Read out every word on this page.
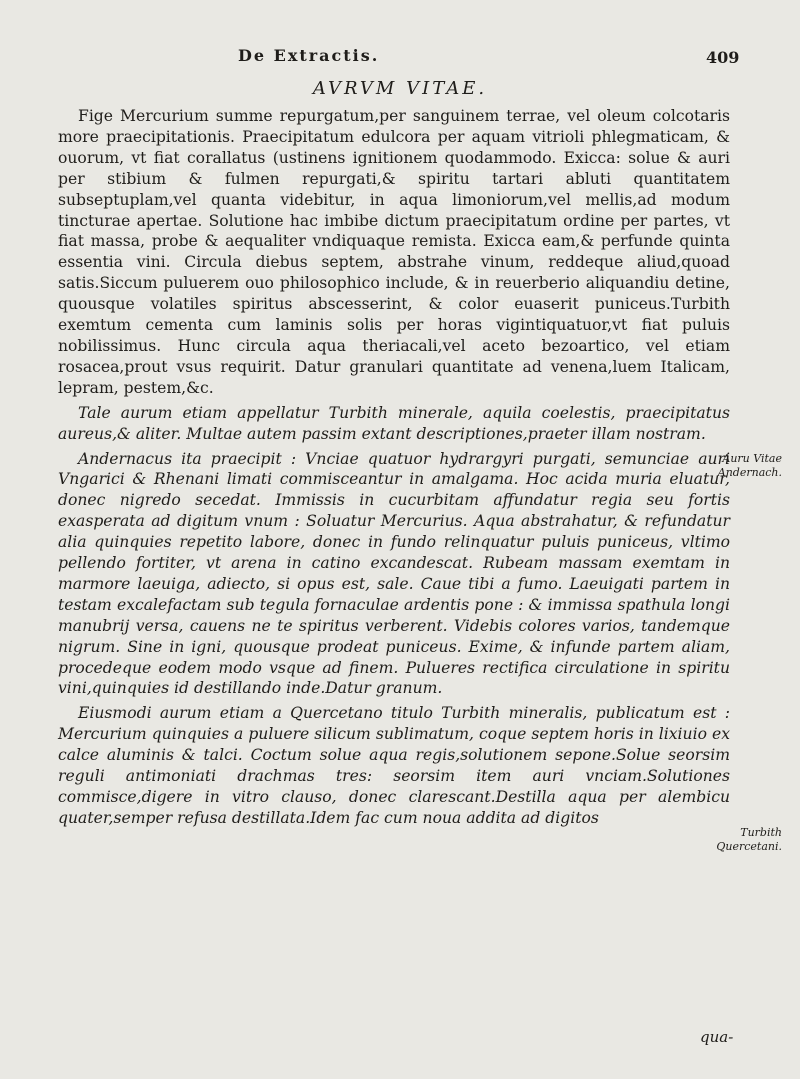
De Extractis.	409
AVRVM VITAE.

Fige Mercurium summe repurgatum,per sanguinem terrae, vel oleum colcotaris more praecipitationis. Praecipitatum edulcora per aquam vitrioli phlegmaticam, & ouorum, vt fiat corallatus (ustinens ignitionem quodammodo. Exicca: solue & auri per stibium & fulmen repurgati,& spiritu tartari abluti quantitatem subseptuplam,vel quanta videbitur, in aqua limoniorum,vel mellis,ad modum tincturae apertae. Solutione hac imbibe dictum praecipitatum ordine per partes, vt fiat massa, probe & aequaliter vndiquaque remista. Exicca eam,& perfunde quinta essentia vini. Circula diebus septem, abstrahe vinum, reddeque aliud,quoad satis.Siccum puluerem ouo philosophico include, & in reuerberio aliquandiu detine, quousque volatiles spiritus abscesserint, & color euaserit puniceus.Turbith exemtum cementa cum laminis solis per horas vigintiquatuor,vt fiat puluis nobilissimus. Hunc circula aqua theriacali,vel aceto bezoartico, vel etiam rosacea,prout vsus requirit. Datur granulari quantitate ad venena,luem Italicam, lepram, pestem,&c.

Tale aurum etiam appellatur Turbith minerale, aquila coelestis, praecipitatus aureus,& aliter. Multae autem passim extant descriptiones,praeter illam nostram.

Andernacus ita praecipit : Vnciae quatuor hydrargyri purgati, semunciae auri Vngarici & Rhenani limati commisceantur in amalgama. Hoc acida muria eluatur, donec nigredo secedat. Immissis in cucurbitam affundatur regia seu fortis exasperata ad digitum vnum : Soluatur Mercurius. Aqua abstrahatur, & refundatur alia quinquies repetito labore, donec in fundo relinquatur puluis puniceus, vltimo pellendo fortiter, vt arena in catino excandescat. Rubeam massam exemtam in marmore laeuiga, adiecto, si opus est, sale. Caue tibi a fumo. Laeuigati partem in testam excalefactam sub tegula fornaculae ardentis pone : & immissa spathula longi manubrij versa, cauens ne te spiritus verberent. Videbis colores varios, tandemque nigrum. Sine in igni, quousque prodeat puniceus. Exime, & infunde partem aliam, procedeque eodem modo vsque ad finem. Pulueres rectifica circulatione in spiritu vini,quinquies id destillando inde.Datur granum.

Eiusmodi aurum etiam a Quercetano titulo Turbith mineralis, publicatum est : Mercurium quinquies a puluere silicum sublimatum, coque septem horis in lixiuio ex calce aluminis & talci. Coctum solue aqua regis,solutionem sepone.Solue seorsim reguli antimoniati drachmas tres: seorsim item auri vnciam.Solutiones commisce,digere in vitro clauso, donec clarescant.Destilla aqua per alembicu quater,semper refusa destillata.Idem fac cum noua addita ad digitos

Auru Vitae
Andernach.
Turbith
Quercetani.
qua-
